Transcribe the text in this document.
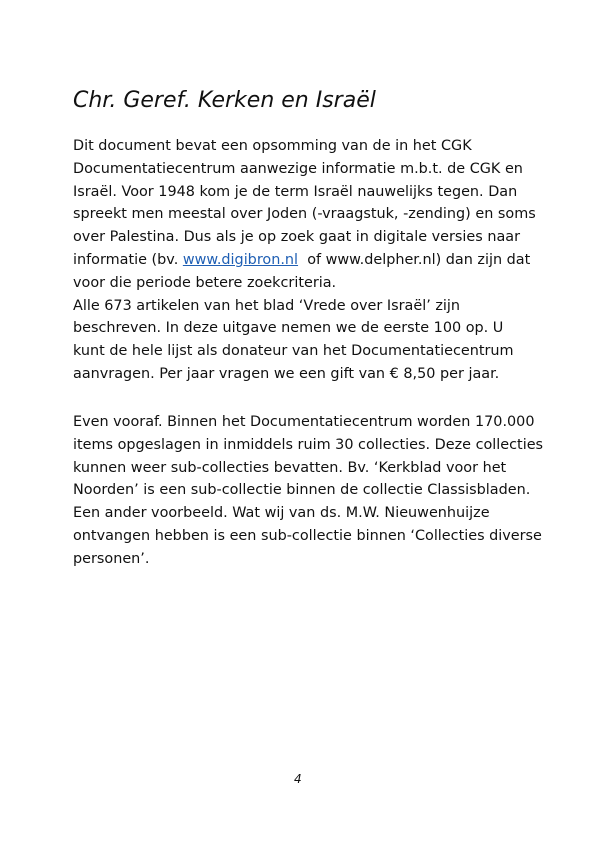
Chr. Geref. Kerken en Israël
Dit document bevat een opsomming van de in het CGK
Documentatiecentrum aanwezige informatie m.b.t. de CGK en
Israël. Voor 1948 kom je de term Israël nauwelijks tegen. Dan
spreekt men meestal over Joden (-vraagstuk, -zending) en soms
over Palestina. Dus als je op zoek gaat in digitale versies naar
informatie (bv. www.digibron.nl  of www.delpher.nl) dan zijn dat
voor die periode betere zoekcriteria.
Alle 673 artikelen van het blad ‘Vrede over Israël’ zijn
beschreven. In deze uitgave nemen we de eerste 100 op. U
kunt de hele lijst als donateur van het Documentatiecentrum
aanvragen. Per jaar vragen we een gift van € 8,50 per jaar.
Even vooraf. Binnen het Documentatiecentrum worden 170.000
items opgeslagen in inmiddels ruim 30 collecties. Deze collecties
kunnen weer sub-collecties bevatten. Bv. ‘Kerkblad voor het
Noorden’ is een sub-collectie binnen de collectie Classisbladen.
Een ander voorbeeld. Wat wij van ds. M.W. Nieuwenhuijze
ontvangen hebben is een sub-collectie binnen ‘Collecties diverse
personen’.
4
